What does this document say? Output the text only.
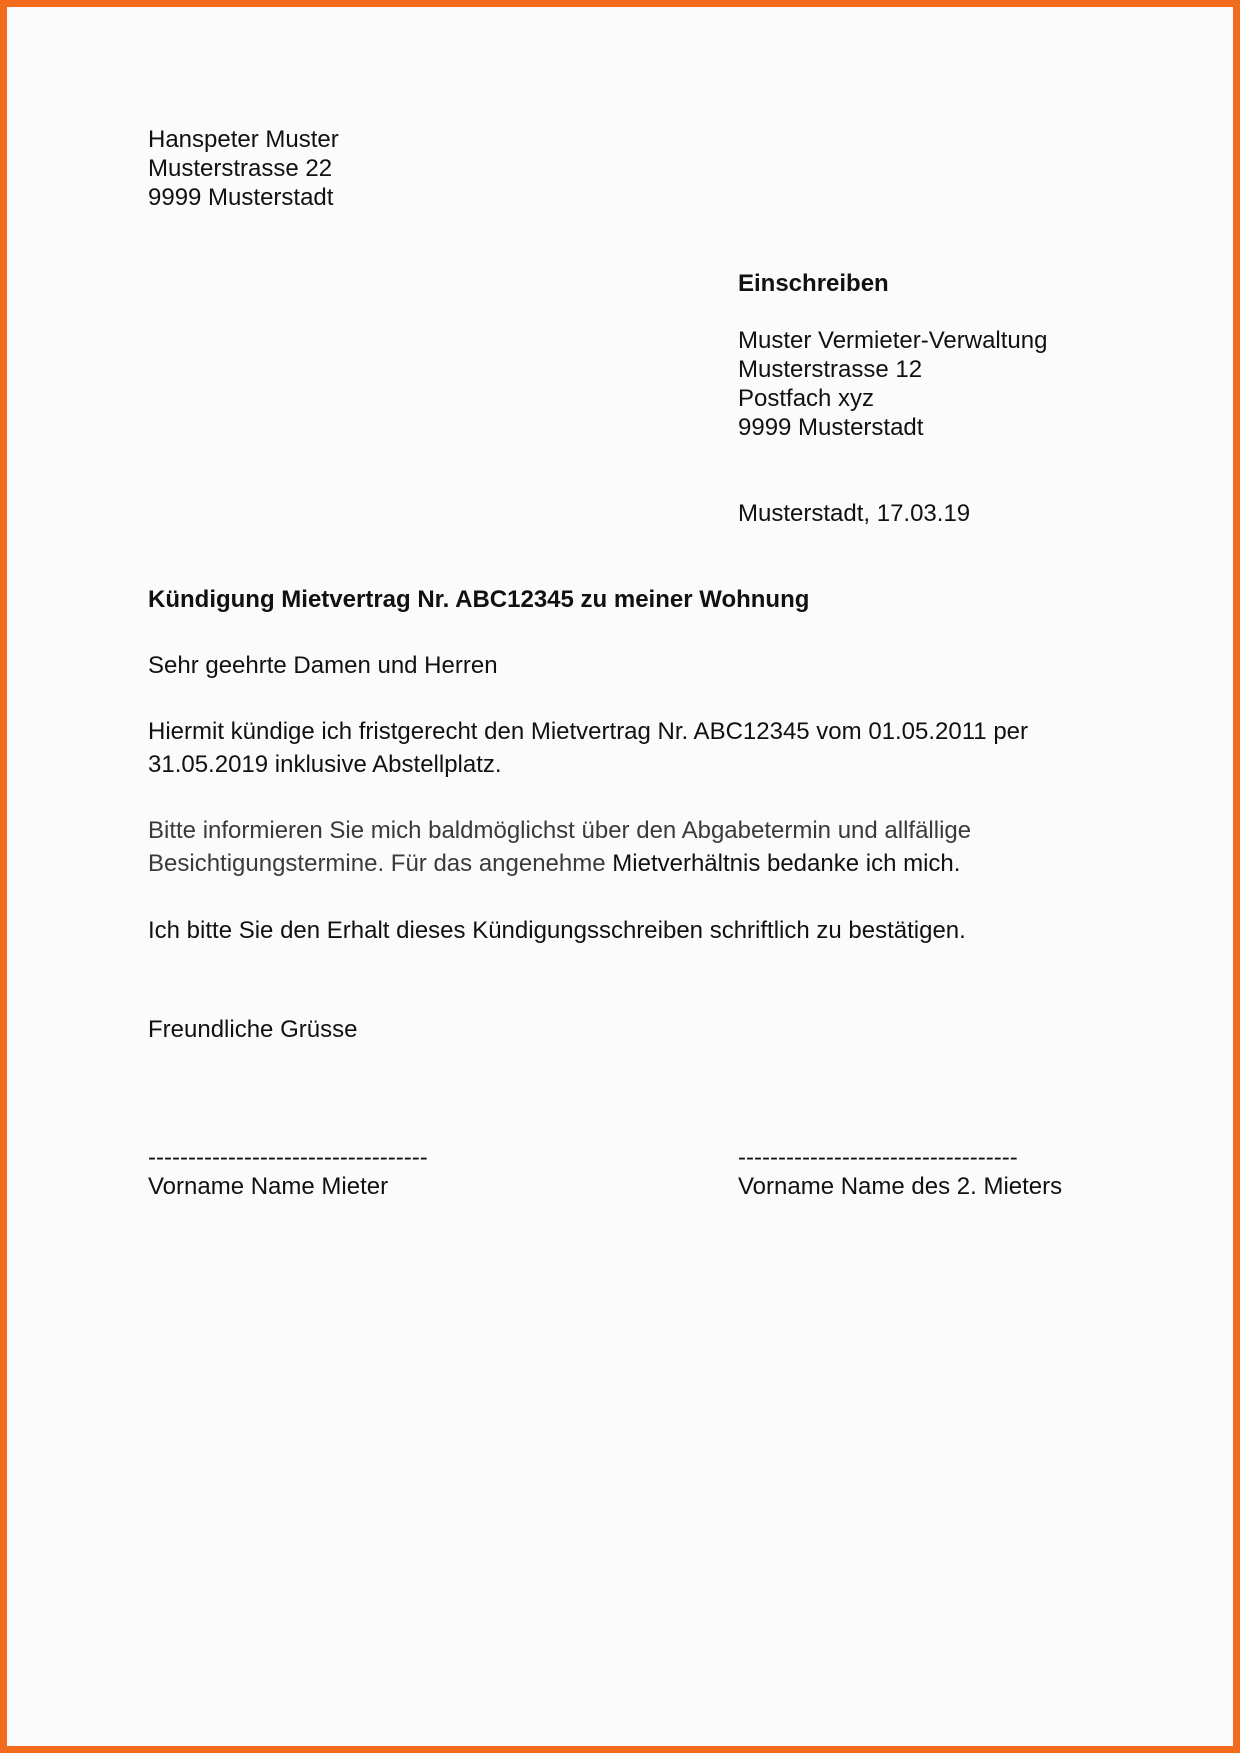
Hanspeter Muster
Musterstrasse 22
9999 Musterstadt
Einschreiben
Muster Vermieter-Verwaltung
Musterstrasse 12
Postfach xyz
9999 Musterstadt
Musterstadt, 17.03.19
Kündigung Mietvertrag Nr. ABC12345 zu meiner Wohnung
Sehr geehrte Damen und Herren
Hiermit kündige ich fristgerecht den Mietvertrag Nr. ABC12345 vom 01.05.2011 per
31.05.2019 inklusive Abstellplatz.
Bitte informieren Sie mich baldmöglichst über den Abgabetermin und allfällige
Besichtigungstermine. Für das angenehme Mietverhältnis bedanke ich mich.
Ich bitte Sie den Erhalt dieses Kündigungsschreiben schriftlich zu bestätigen.
Freundliche Grüsse
-----------------------------------
Vorname Name Mieter
-----------------------------------
Vorname Name des 2. Mieters
